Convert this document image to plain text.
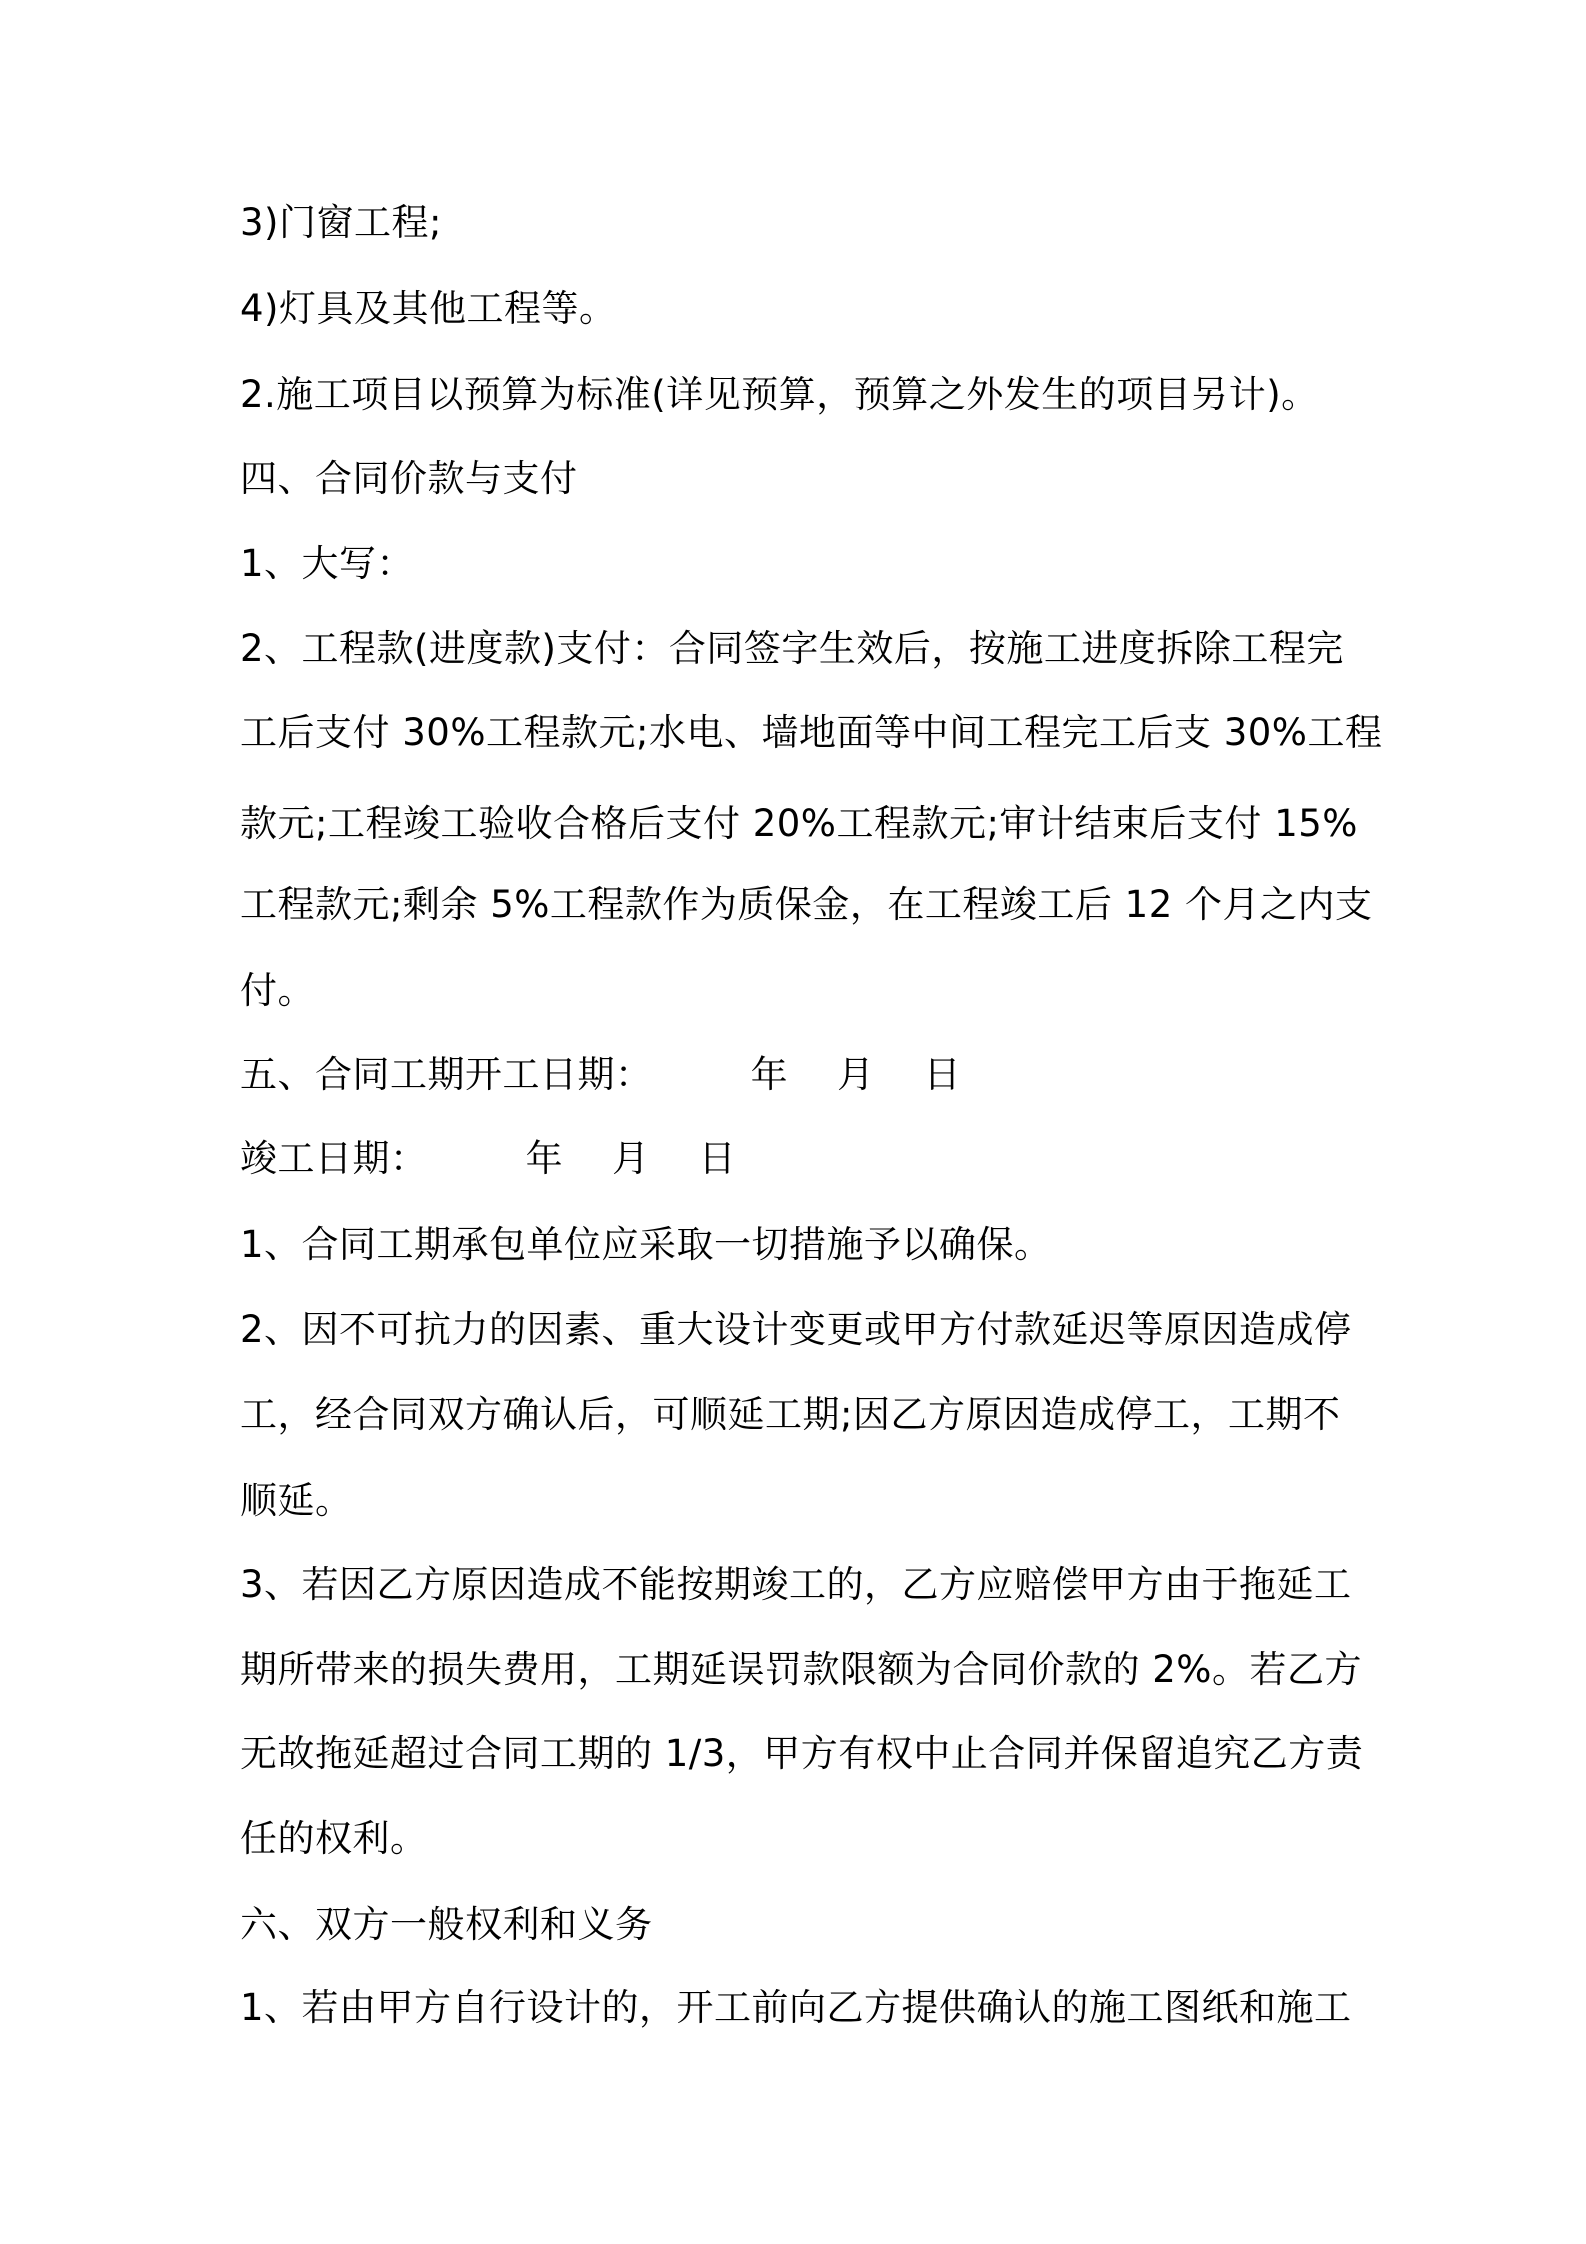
3)门窗工程;
4)灯具及其他工程等。
2.施工项目以预算为标准(详见预算，预算之外发生的项目另计)。
四、合同价款与支付
1、大写：
2、工程款(进度款)支付：合同签字生效后，按施工进度拆除工程完
工后支付 30%工程款元;水电、墙地面等中间工程完工后支 30%工程
款元;工程竣工验收合格后支付 20%工程款元;审计结束后支付 15%
工程款元;剩余 5%工程款作为质保金，在工程竣工后 12 个月之内支
付。
五、合同工期开工日期：        年    月    日
竣工日期：        年    月    日
1、合同工期承包单位应采取一切措施予以确保。
2、因不可抗力的因素、重大设计变更或甲方付款延迟等原因造成停
工，经合同双方确认后，可顺延工期;因乙方原因造成停工，工期不
顺延。
3、若因乙方原因造成不能按期竣工的，乙方应赔偿甲方由于拖延工
期所带来的损失费用，工期延误罚款限额为合同价款的 2%。若乙方
无故拖延超过合同工期的 1/3，甲方有权中止合同并保留追究乙方责
任的权利。
六、双方一般权利和义务
1、若由甲方自行设计的，开工前向乙方提供确认的施工图纸和施工
